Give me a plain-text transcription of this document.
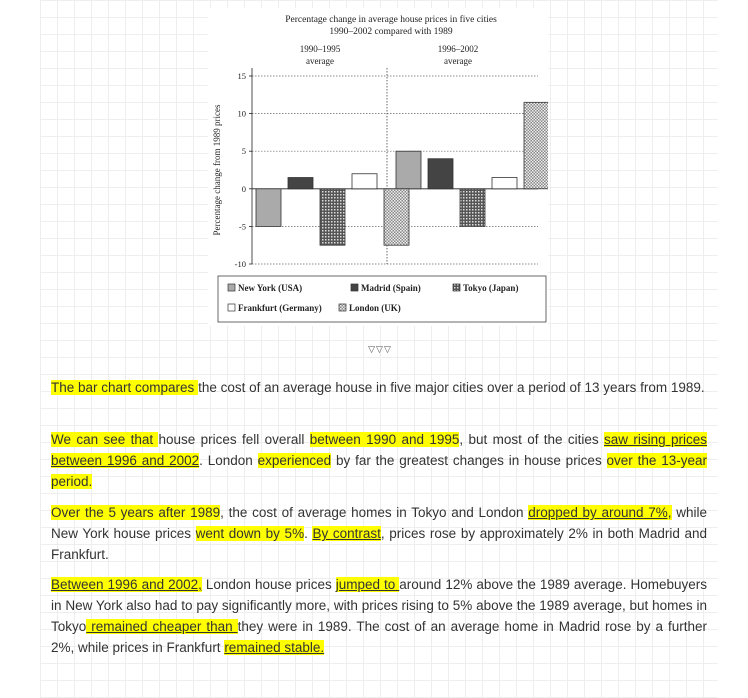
Percentage change in average house prices in five cities
1990–2002 compared with 1989
1990–1995
average
1996–2002
average
15
10
5
0
-5
-10
Percentage change from 1989 prices
New York (USA)	Madrid (Spain)	Tokyo (Japan)
Frankfurt (Germany)	London (UK)
▽▽▽
The bar chart compares the cost of an average house in five major cities over a period of 13 years from 1989.
We can see that house prices fell overall between 1990 and 1995, but most of the cities saw rising prices between 1996 and 2002. London experienced by far the greatest changes in house prices over the 13-year period.
Over the 5 years after 1989, the cost of average homes in Tokyo and London dropped by around 7%, while New York house prices went down by 5%. By contrast, prices rose by approximately 2% in both Madrid and Frankfurt.
Between 1996 and 2002, London house prices jumped to around 12% above the 1989 average. Homebuyers in New York also had to pay significantly more, with prices rising to 5% above the 1989 average, but homes in Tokyo remained cheaper than they were in 1989. The cost of an average home in Madrid rose by a further 2%, while prices in Frankfurt remained stable.
